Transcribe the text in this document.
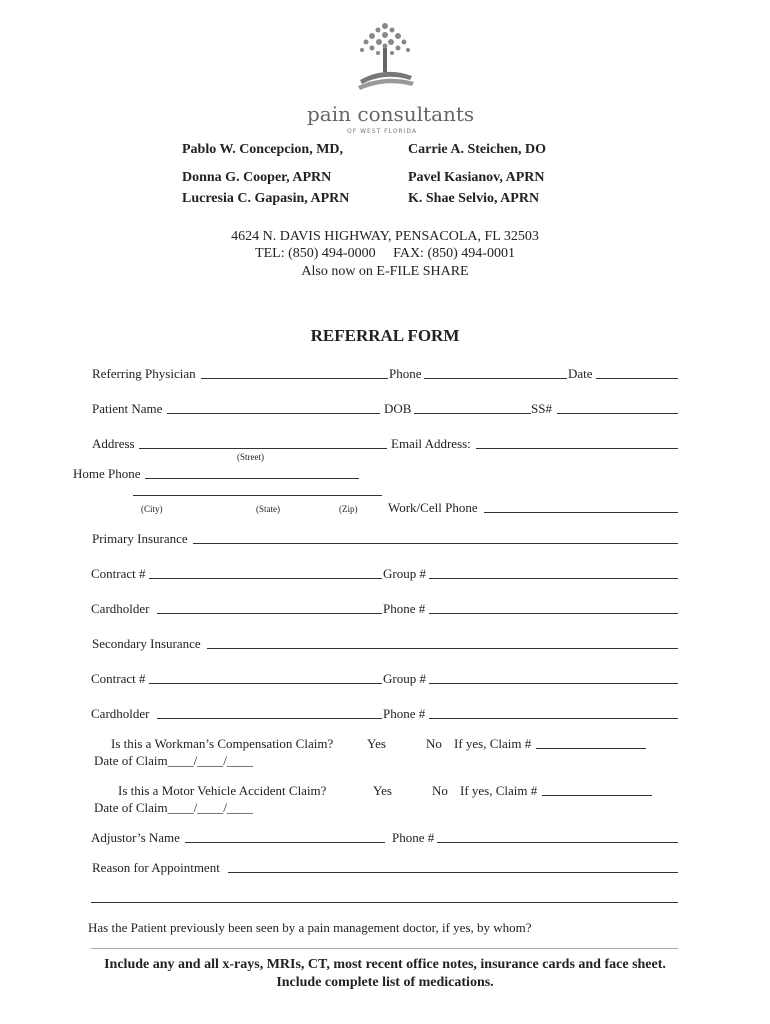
pain consultants
OF WEST FLORIDA
Pablo W. Concepcion, MD,
Donna G. Cooper, APRN
Lucresia C. Gapasin, APRN
Carrie A. Steichen, DO
Pavel Kasianov, APRN
K. Shae Selvio, APRN
4624 N. DAVIS HIGHWAY, PENSACOLA, FL 32503
TEL: (850) 494-0000     FAX: (850) 494-0001
Also now on E-FILE SHARE
REFERRAL FORM
Referring Physician	Phone	Date
Patient Name	DOB	SS#
Address	Email Address:
(Street)
Home Phone
(City)	(State)	(Zip) Work/Cell Phone
Primary Insurance
Contract #	Group #
Cardholder	Phone #
Secondary Insurance
Contract #	Group #
Cardholder	Phone #
Is this a Workman’s Compensation Claim?	Yes	No If yes, Claim #
Date of Claim____/____/____
Is this a Motor Vehicle Accident Claim?	Yes	No If yes, Claim #
Date of Claim____/____/____
Adjustor’s Name	Phone #
Reason for Appointment
Has the Patient previously been seen by a pain management doctor, if yes, by whom?
Include any and all x-rays, MRIs, CT, most recent office notes, insurance cards and face sheet.
Include complete list of medications.
